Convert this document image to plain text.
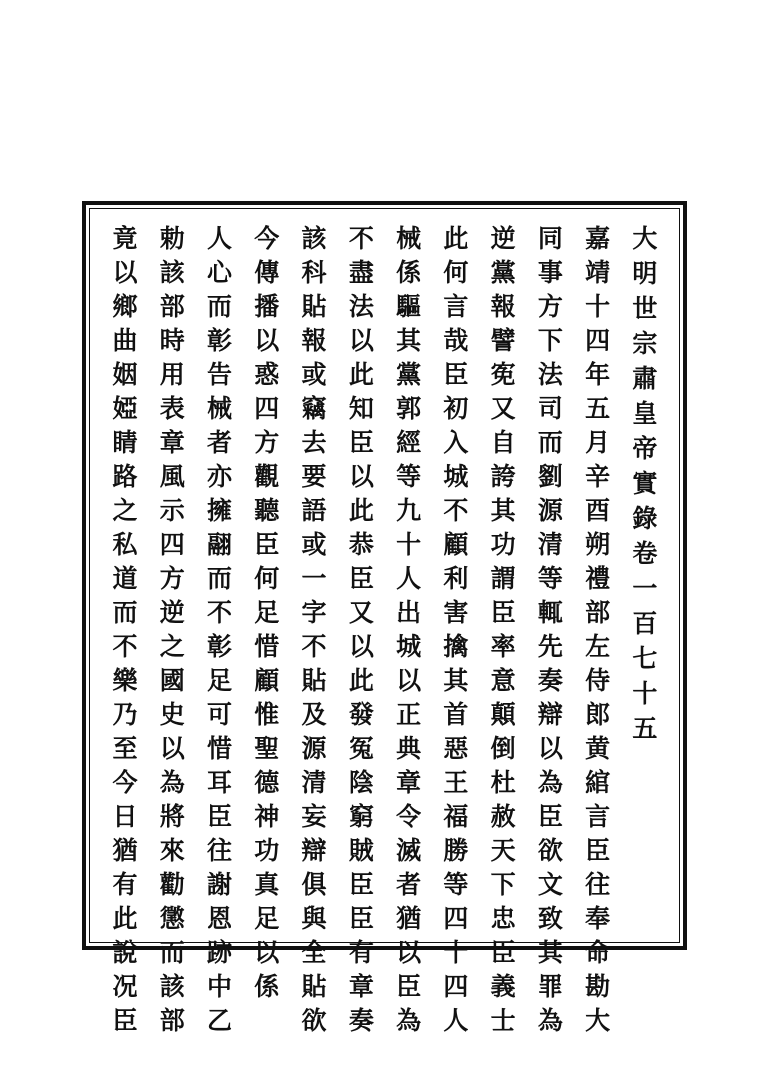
大
明
世
宗
肅
皇
帝
實
錄
卷
一
百
七
十
五
嘉
靖
十
四
年
五
月
辛
酉
朔
禮
部
左
侍
郎
黄
綰
言
臣
往
奉
命
勘
大
同
事
方
下
法
司
而
劉
源
清
等
輒
先
奏
辯
以
為
臣
欲
文
致
其
罪
為
逆
黨
報
譬
𡨚
又
自
誇
其
功
謂
臣
率
意
顛
倒
杜
赦
天
下
忠
臣
義
士
此
何
言
哉
臣
初
入
城
不
顧
利
害
擒
其
首
惡
王
福
勝
等
四
十
四
人
械
係
驅
其
黨
郭
經
等
九
十
人
出
城
以
正
典
章
令
滅
者
猶
以
臣
為
不
盡
法
以
此
知
臣
以
此
恭
臣
又
以
此
發
冤
陰
窮
賊
臣
臣
有
章
奏
該
科
貼
報
或
竊
去
要
語
或
一
字
不
貼
及
源
清
妄
辯
俱
與
全
貼
欲
今
傳
播
以
惑
四
方
觀
聽
臣
何
足
惜
顧
惟
聖
德
神
功
真
足
以
係
人
心
而
彰
告
械
者
亦
擁
翮
而
不
彰
足
可
惜
耳
臣
往
謝
恩
跡
中
乙
勅
該
部
時
用
表
章
風
示
四
方
逆
之
國
史
以
為
將
來
勸
懲
而
該
部
竟
以
鄉
曲
姻
婭
睛
路
之
私
道
而
不
樂
乃
至
今
日
猶
有
此
說
况
臣
